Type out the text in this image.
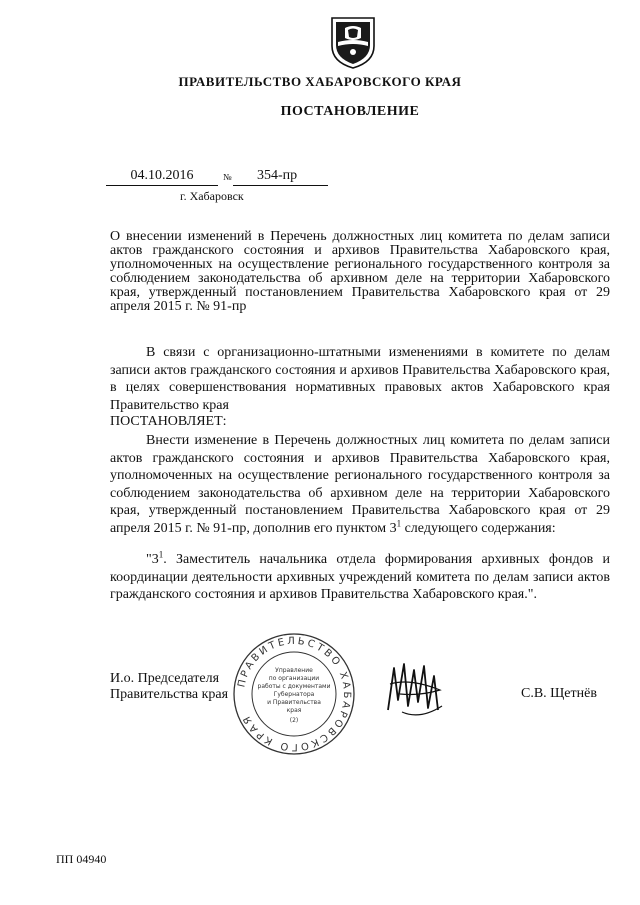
ПРАВИТЕЛЬСТВО ХАБАРОВСКОГО КРАЯ
ПОСТАНОВЛЕНИЕ
04.10.2016	№	354-пр
г. Хабаровск
О внесении изменений в Перечень должностных лиц комитета по делам записи актов гражданского состояния и архивов Правительства Хабаровского края, уполномоченных на осуществление регионального государственного контроля за соблюдением законодательства об архивном деле на территории Хабаровского края, утвержденный постановлением Правительства Хабаровского края от 29 апреля 2015 г. № 91-пр
В связи с организационно-штатными изменениями в комитете по делам записи актов гражданского состояния и архивов Правительства Хабаровского края, в целях совершенствования нормативных правовых актов Хабаровского края Правительство края
ПОСТАНОВЛЯЕТ:
Внести изменение в Перечень должностных лиц комитета по делам записи актов гражданского состояния и архивов Правительства Хабаровского края, уполномоченных на осуществление регионального государственного контроля за соблюдением законодательства об архивном деле на территории Хабаровского края, утвержденный постановлением Правительства Хабаровского края от 29 апреля 2015 г. № 91-пр, дополнив его пунктом $3^1$ следующего содержания:
"$3^1$. Заместитель начальника отдела формирования архивных фондов и координации деятельности архивных учреждений комитета по делам записи актов гражданского состояния и архивов Правительства Хабаровского края.".
И.о. Председателя
Правительства края
ПРАВИТЕЛЬСТВО ХАБАРОВСКОГО КРАЯ
Управление
по организации
работы с документами
Губернатора
и Правительства
края
(2)
С.В. Щетнёв
ПП 04940
